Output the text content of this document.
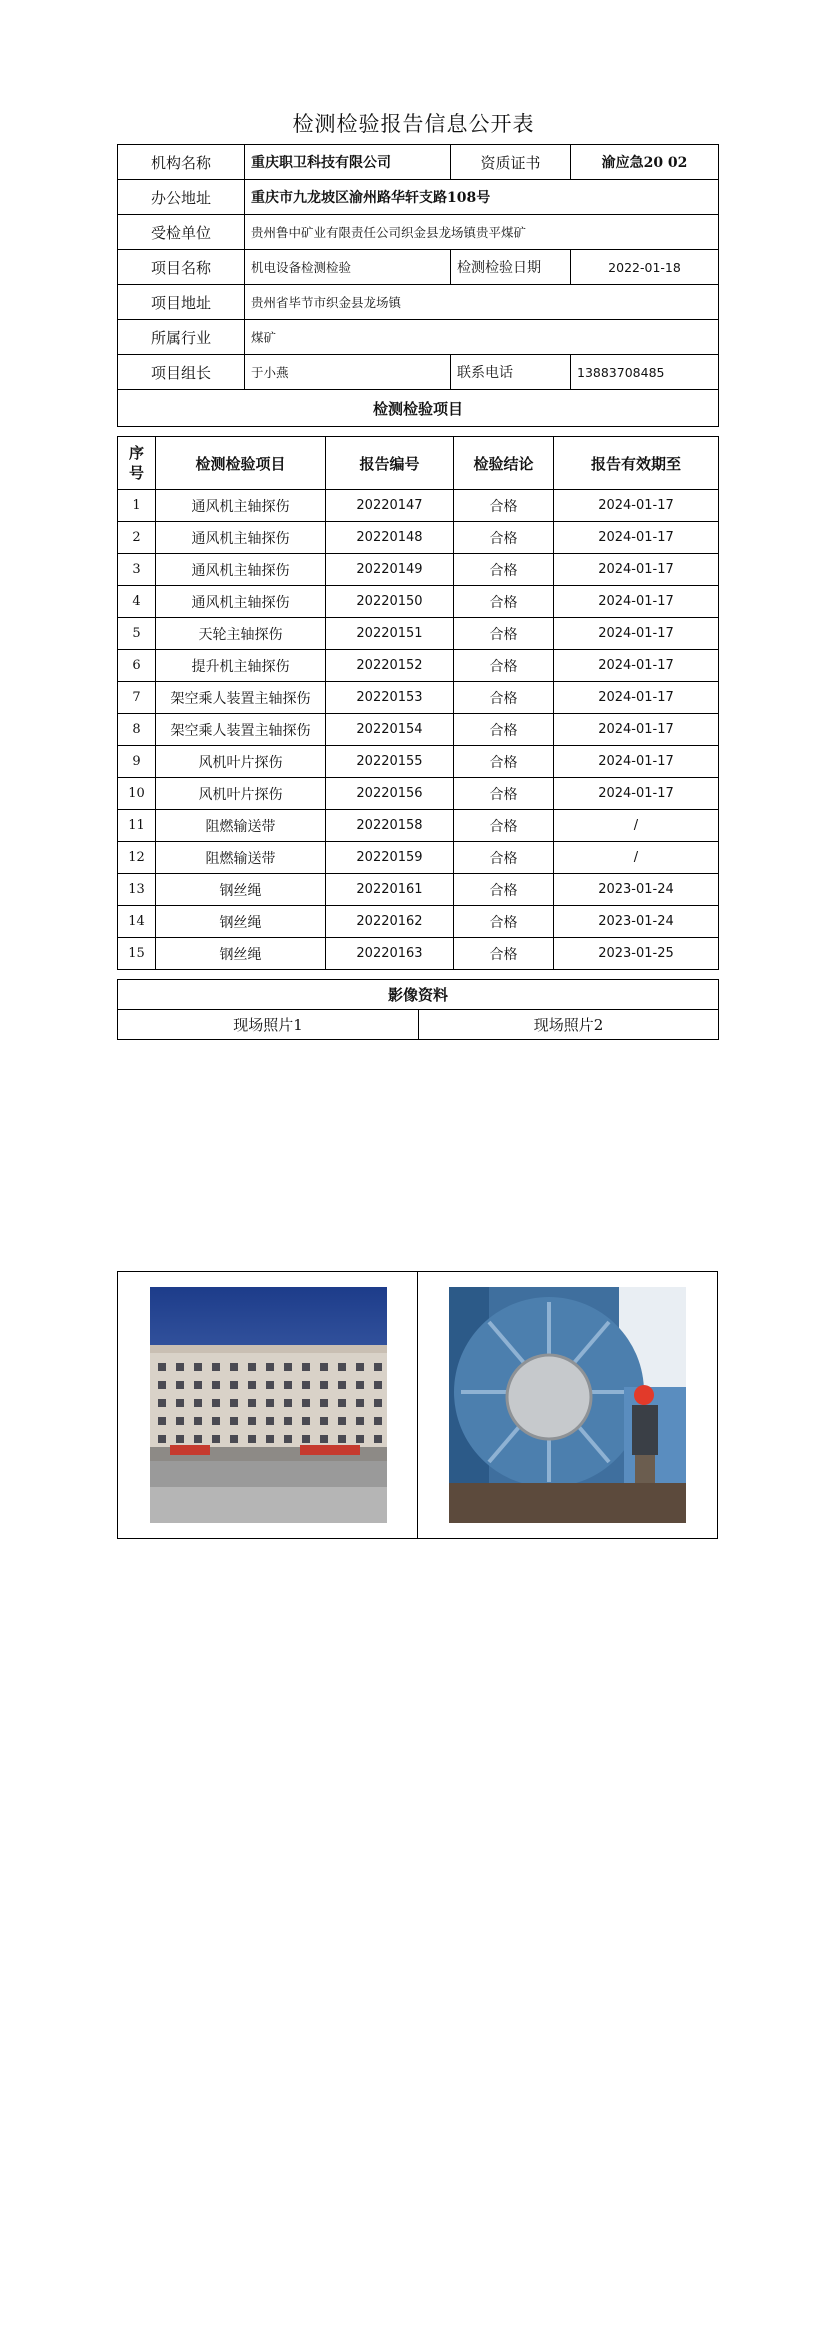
检测检验报告信息公开表
机构名称	重庆职卫科技有限公司	资质证书	渝应急20 02
办公地址	重庆市九龙坡区渝州路华轩支路108号		
受检单位	贵州鲁中矿业有限责任公司织金县龙场镇贵平煤矿		
项目名称	机电设备检测检验	检测检验日期	2022-01-18
项目地址	贵州省毕节市织金县龙场镇		
所属行业	煤矿		
项目组长	于小燕	联系电话	13883708485
检测检验项目			
序号	检测检验项目	报告编号	检验结论	报告有效期至
1	通风机主轴探伤	20220147	合格	2024-01-17
2	通风机主轴探伤	20220148	合格	2024-01-17
3	通风机主轴探伤	20220149	合格	2024-01-17
4	通风机主轴探伤	20220150	合格	2024-01-17
5	天轮主轴探伤	20220151	合格	2024-01-17
6	提升机主轴探伤	20220152	合格	2024-01-17
7	架空乘人装置主轴探伤	20220153	合格	2024-01-17
8	架空乘人装置主轴探伤	20220154	合格	2024-01-17
9	风机叶片探伤	20220155	合格	2024-01-17
10	风机叶片探伤	20220156	合格	2024-01-17
11	阻燃输送带	20220158	合格	/
12	阻燃输送带	20220159	合格	/
13	钢丝绳	20220161	合格	2023-01-24
14	钢丝绳	20220162	合格	2023-01-24
15	钢丝绳	20220163	合格	2023-01-25
影像资料
现场照片1	现场照片2
